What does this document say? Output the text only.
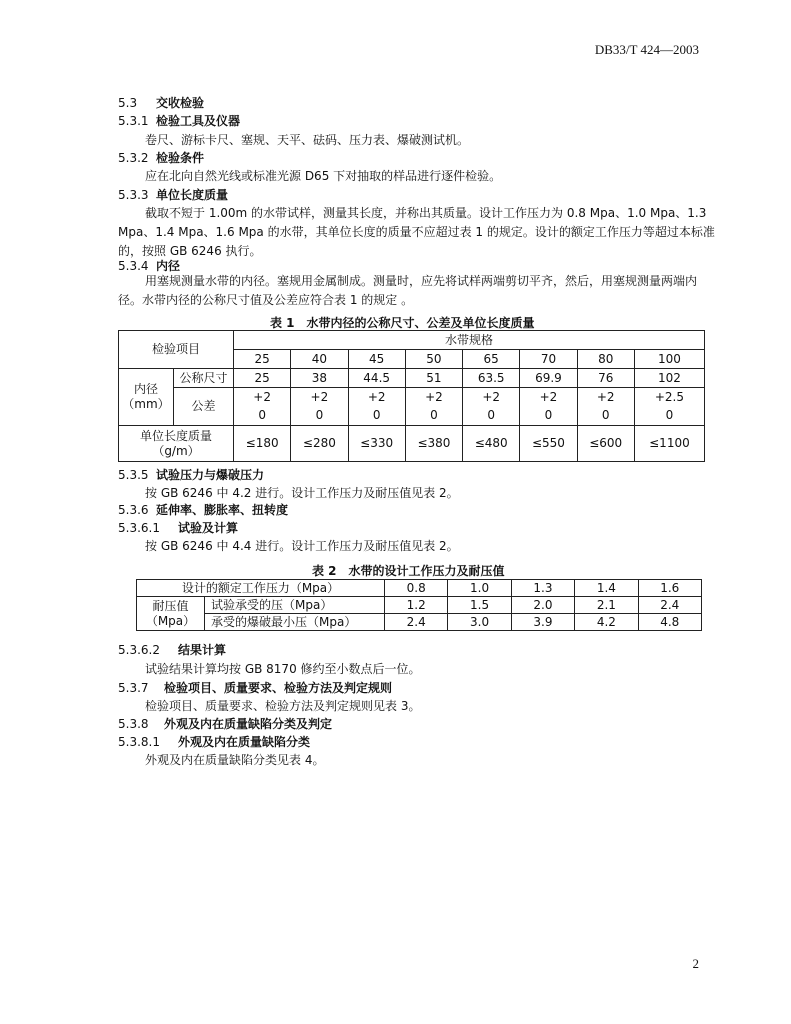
DB33/T 424—2003
5.3 交收检验
5.3.1 检验工具及仪器
卷尺、游标卡尺、塞规、天平、砝码、压力表、爆破测试机。
5.3.2 检验条件
应在北向自然光线或标准光源 D65 下对抽取的样品进行逐件检验。
5.3.3 单位长度质量
截取不短于 1.00m 的水带试样，测量其长度，并称出其质量。设计工作压力为 0.8 Mpa、1.0 Mpa、1.3 Mpa、1.4 Mpa、1.6 Mpa 的水带，其单位长度的质量不应超过表 1 的规定。设计的额定工作压力等超过本标准的，按照 GB 6246 执行。
5.3.4 内径
用塞规测量水带的内径。塞规用金属制成。测量时，应先将试样两端剪切平齐，然后，用塞规测量两端内径。水带内径的公称尺寸值及公差应符合表 1 的规定 。
表 1　水带内径的公称尺寸、公差及单位长度质量
检验项目		水带规格							
		25	40	45	50	65	70	80	100
内径
（mm）	公称尺寸	25	38	44.5	51	63.5	69.9	76	102
	公差	+2	+2	+2	+2	+2	+2	+2	+2.5
		0	0	0	0	0	0	0	0
单位长度质量
（g/m）		≤180	≤280	≤330	≤380	≤480	≤550	≤600	≤1100
5.3.5 试验压力与爆破压力
按 GB 6246 中 4.2 进行。设计工作压力及耐压值见表 2。
5.3.6 延伸率、膨胀率、扭转度
5.3.6.1 试验及计算
按 GB 6246 中 4.4 进行。设计工作压力及耐压值见表 2。
表 2　水带的设计工作压力及耐压值
设计的额定工作压力（Mpa）		0.8	1.0	1.3	1.4	1.6
耐压值
（Mpa）	试验承受的压（Mpa）	1.2	1.5	2.0	2.1	2.4
	承受的爆破最小压（Mpa）	2.4	3.0	3.9	4.2	4.8
5.3.6.2 结果计算
试验结果计算均按 GB 8170 修约至小数点后一位。
5.3.7 检验项目、质量要求、检验方法及判定规则
检验项目、质量要求、检验方法及判定规则见表 3。
5.3.8 外观及内在质量缺陷分类及判定
5.3.8.1 外观及内在质量缺陷分类
外观及内在质量缺陷分类见表 4。
2
